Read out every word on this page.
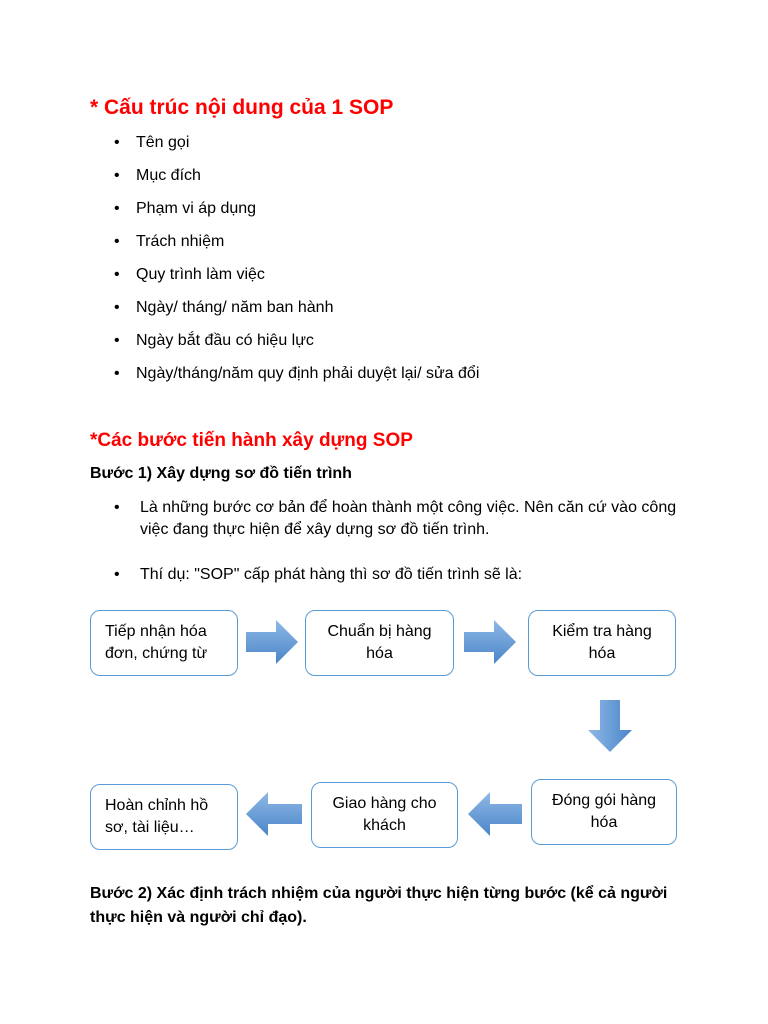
* Cấu trúc nội dung của 1 SOP
• Tên gọi
• Mục đích
• Phạm vi áp dụng
• Trách nhiệm
• Quy trình làm việc
• Ngày/ tháng/ năm ban hành
• Ngày bắt đầu có hiệu lực
• Ngày/tháng/năm quy định phải duyệt lại/ sửa đổi
*Các bước tiến hành xây dựng SOP

Bước 1) Xây dựng sơ đồ tiến trình

• Là những bước cơ bản để hoàn thành một công việc. Nên căn cứ vào công việc đang thực hiện để xây dựng sơ đồ tiến trình.
• Thí dụ: "SOP" cấp phát hàng thì sơ đồ tiến trình sẽ là:
Tiếp nhận hóa đơn, chứng từ
Chuẩn bị hàng hóa
Kiểm tra hàng hóa
Đóng gói hàng hóa
Giao hàng cho khách
Hoàn chỉnh hồ sơ, tài liệu…

Bước 2) Xác định trách nhiệm của người thực hiện từng bước (kể cả người thực hiện và người chỉ đạo).
